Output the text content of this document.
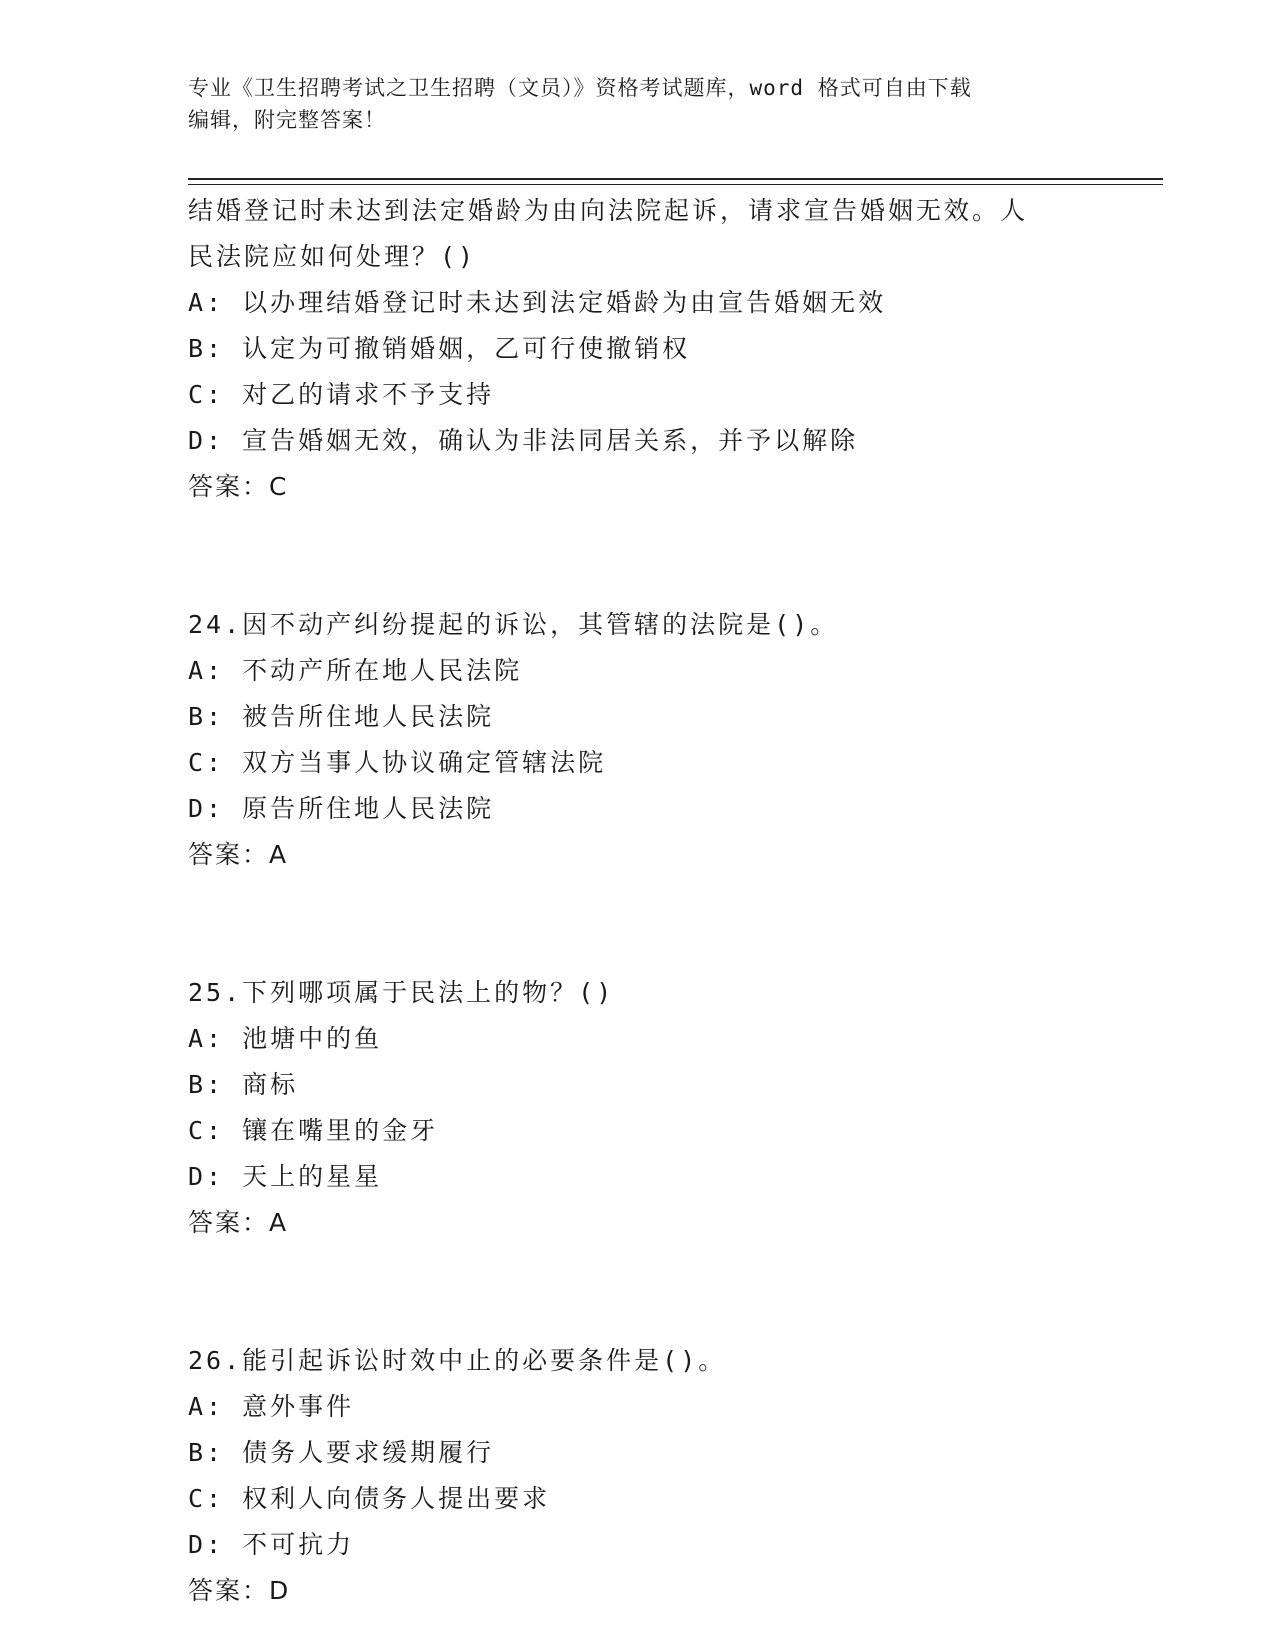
专业《卫生招聘考试之卫生招聘（文员）》资格考试题库，word 格式可自由下载
编辑，附完整答案！
结婚登记时未达到法定婚龄为由向法院起诉，请求宣告婚姻无效。人
民法院应如何处理？()
A: 以办理结婚登记时未达到法定婚龄为由宣告婚姻无效
B: 认定为可撤销婚姻，乙可行使撤销权
C: 对乙的请求不予支持
D: 宣告婚姻无效，确认为非法同居关系，并予以解除
答案：C
24.因不动产纠纷提起的诉讼，其管辖的法院是()。
A: 不动产所在地人民法院
B: 被告所住地人民法院
C: 双方当事人协议确定管辖法院
D: 原告所住地人民法院
答案：A
25.下列哪项属于民法上的物？()
A: 池塘中的鱼
B: 商标
C: 镶在嘴里的金牙
D: 天上的星星
答案：A
26.能引起诉讼时效中止的必要条件是()。
A: 意外事件
B: 债务人要求缓期履行
C: 权利人向债务人提出要求
D: 不可抗力
答案：D
